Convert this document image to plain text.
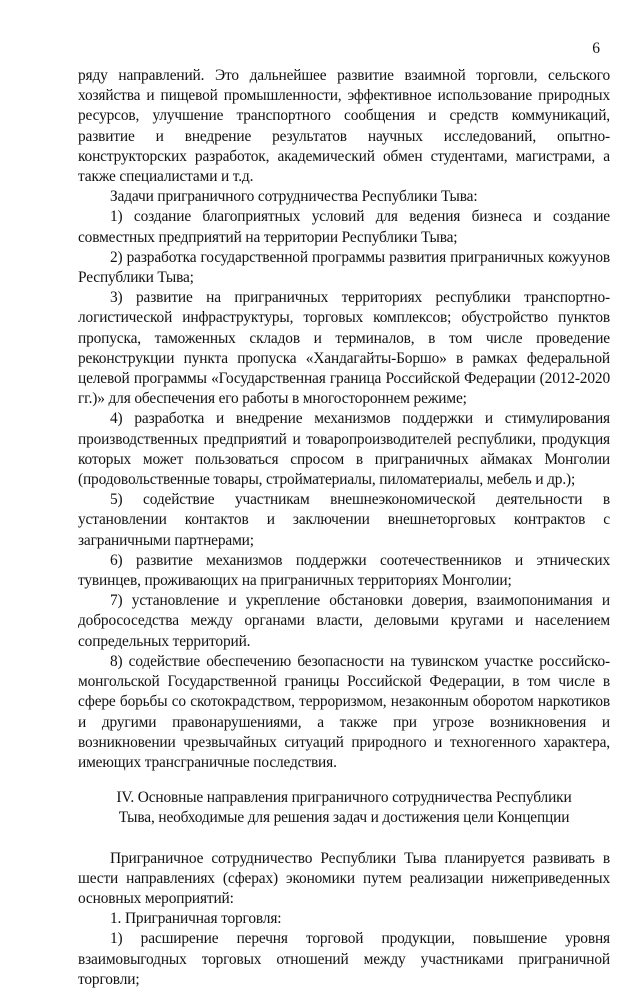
6

ряду направлений. Это дальнейшее развитие взаимной торговли, сельского хозяйства и пищевой промышленности, эффективное использование природных ресурсов, улучшение транспортного сообщения и средств коммуникаций, развитие и внедрение результатов научных исследований, опытно-конструкторских разработок, академический обмен студентами, магистрами, а также специалистами и т.д.

Задачи приграничного сотрудничества Республики Тыва:

1) создание благоприятных условий для ведения бизнеса и создание совместных предприятий на территории Республики Тыва;

2) разработка государственной программы развития приграничных кожуунов Республики Тыва;

3) развитие на приграничных территориях республики транспортно-логистической инфраструктуры, торговых комплексов; обустройство пунктов пропуска, таможенных складов и терминалов, в том числе проведение реконструкции пункта пропуска «Хандагайты-Боршо» в рамках федеральной целевой программы «Государственная граница Российской Федерации (2012-2020 гг.)» для обеспечения его работы в многостороннем режиме;

4) разработка и внедрение механизмов поддержки и стимулирования производственных предприятий и товаропроизводителей республики, продукция которых может пользоваться спросом в приграничных аймаках Монголии (продовольственные товары, стройматериалы, пиломатериалы, мебель и др.);

5) содействие участникам внешнеэкономической деятельности в установлении контактов и заключении внешнеторговых контрактов с заграничными партнерами;

6) развитие механизмов поддержки соотечественников и этнических тувинцев, проживающих на приграничных территориях Монголии;

7) установление и укрепление обстановки доверия, взаимопонимания и добрососедства между органами власти, деловыми кругами и населением сопредельных территорий.

8) содействие обеспечению безопасности на тувинском участке российско-монгольской Государственной границы Российской Федерации, в том числе в сфере борьбы со скотокрадством, терроризмом, незаконным оборотом наркотиков и другими правонарушениями, а также при угрозе возникновения и возникновении чрезвычайных ситуаций природного и техногенного характера, имеющих трансграничные последствия.

IV. Основные направления приграничного сотрудничества Республики Тыва, необходимые для решения задач и достижения цели Концепции

Приграничное сотрудничество Республики Тыва планируется развивать в шести направлениях (сферах) экономики путем реализации нижеприведенных основных мероприятий:

1. Приграничная торговля:

1) расширение перечня торговой продукции, повышение уровня взаимовыгодных торговых отношений между участниками приграничной торговли;
